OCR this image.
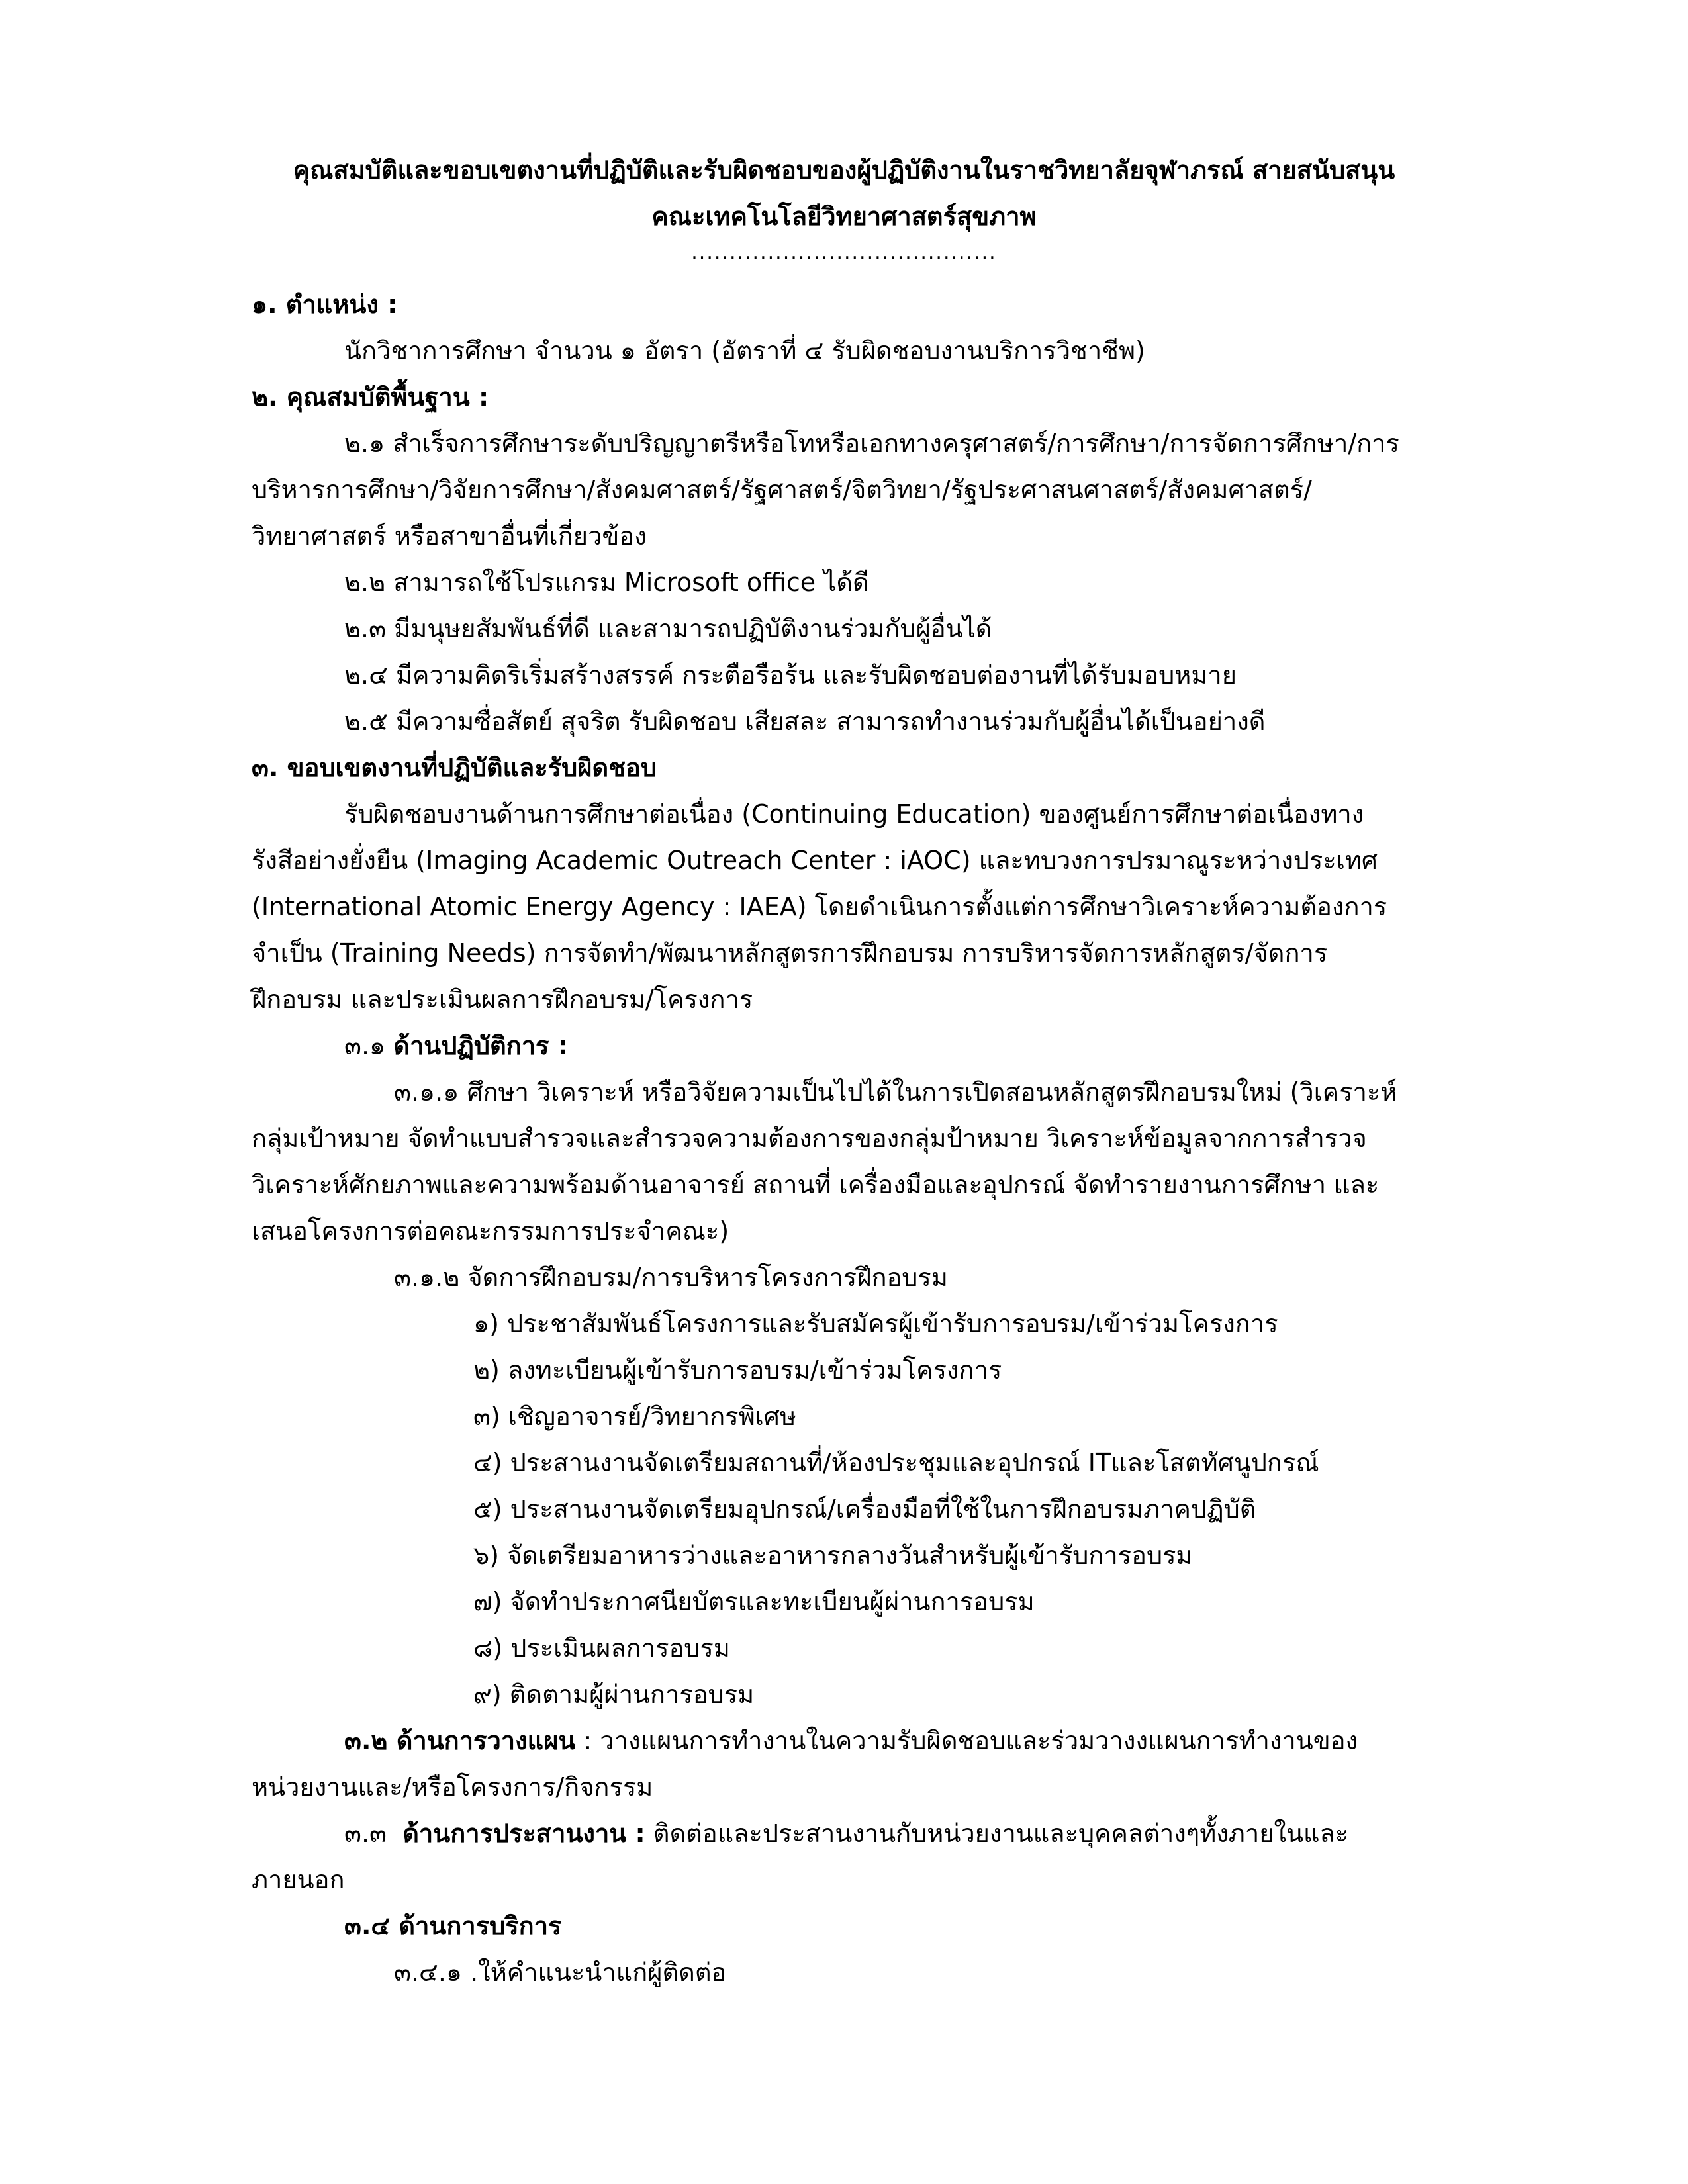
คุณสมบัติและขอบเขตงานที่ปฏิบัติและรับผิดชอบของผู้ปฏิบัติงานในราชวิทยาลัยจุฬาภรณ์ สายสนับสนุน
คณะเทคโนโลยีวิทยาศาสตร์สุขภาพ
........................................
๑. ตำแหน่ง :
นักวิชาการศึกษา จำนวน ๑ อัตรา (อัตราที่ ๔ รับผิดชอบงานบริการวิชาชีพ)
๒. คุณสมบัติพื้นฐาน :
๒.๑ สำเร็จการศึกษาระดับปริญญาตรีหรือโทหรือเอกทางครุศาสตร์/การศึกษา/การจัดการศึกษา/การ
บริหารการศึกษา/วิจัยการศึกษา/สังคมศาสตร์/รัฐศาสตร์/จิตวิทยา/รัฐประศาสนศาสตร์/สังคมศาสตร์/
วิทยาศาสตร์ หรือสาขาอื่นที่เกี่ยวข้อง
๒.๒ สามารถใช้โปรแกรม Microsoft office ได้ดี
๒.๓ มีมนุษยสัมพันธ์ที่ดี และสามารถปฏิบัติงานร่วมกับผู้อื่นได้
๒.๔ มีความคิดริเริ่มสร้างสรรค์ กระตือรือร้น และรับผิดชอบต่องานที่ได้รับมอบหมาย
๒.๕ มีความซื่อสัตย์ สุจริต รับผิดชอบ เสียสละ สามารถทำงานร่วมกับผู้อื่นได้เป็นอย่างดี
๓. ขอบเขตงานที่ปฏิบัติและรับผิดชอบ
รับผิดชอบงานด้านการศึกษาต่อเนื่อง (Continuing Education) ของศูนย์การศึกษาต่อเนื่องทาง
รังสีอย่างยั่งยืน (Imaging Academic Outreach Center : iAOC) และทบวงการปรมาณูระหว่างประเทศ
(International Atomic Energy Agency : IAEA) โดยดำเนินการตั้งแต่การศึกษาวิเคราะห์ความต้องการ
จำเป็น (Training Needs) การจัดทำ/พัฒนาหลักสูตรการฝึกอบรม การบริหารจัดการหลักสูตร/จัดการ
ฝึกอบรม และประเมินผลการฝึกอบรม/โครงการ
๓.๑ ด้านปฏิบัติการ :
๓.๑.๑ ศึกษา วิเคราะห์ หรือวิจัยความเป็นไปได้ในการเปิดสอนหลักสูตรฝึกอบรมใหม่ (วิเคราะห์
กลุ่มเป้าหมาย จัดทำแบบสำรวจและสำรวจความต้องการของกลุ่มป้าหมาย วิเคราะห์ข้อมูลจากการสำรวจ
วิเคราะห์ศักยภาพและความพร้อมด้านอาจารย์ สถานที่ เครื่องมือและอุปกรณ์ จัดทำรายงานการศึกษา และ
เสนอโครงการต่อคณะกรรมการประจำคณะ)
๓.๑.๒ จัดการฝึกอบรม/การบริหารโครงการฝึกอบรม
๑) ประชาสัมพันธ์โครงการและรับสมัครผู้เข้ารับการอบรม/เข้าร่วมโครงการ
๒) ลงทะเบียนผู้เข้ารับการอบรม/เข้าร่วมโครงการ
๓) เชิญอาจารย์/วิทยากรพิเศษ
๔) ประสานงานจัดเตรียมสถานที่/ห้องประชุมและอุปกรณ์ ITและโสตทัศนูปกรณ์
๕) ประสานงานจัดเตรียมอุปกรณ์/เครื่องมือที่ใช้ในการฝึกอบรมภาคปฏิบัติ
๖) จัดเตรียมอาหารว่างและอาหารกลางวันสำหรับผู้เข้ารับการอบรม
๗) จัดทำประกาศนียบัตรและทะเบียนผู้ผ่านการอบรม
๘) ประเมินผลการอบรม
๙) ติดตามผู้ผ่านการอบรม
๓.๒ ด้านการวางแผน : วางแผนการทำงานในความรับผิดชอบและร่วมวางงแผนการทำงานของ
หน่วยงานและ/หรือโครงการ/กิจกรรม
๓.๓ ด้านการประสานงาน : ติดต่อและประสานงานกับหน่วยงานและบุคคลต่างๆทั้งภายในและ
ภายนอก
๓.๔ ด้านการบริการ
๓.๔.๑ .ให้คำแนะนำแก่ผู้ติดต่อ
